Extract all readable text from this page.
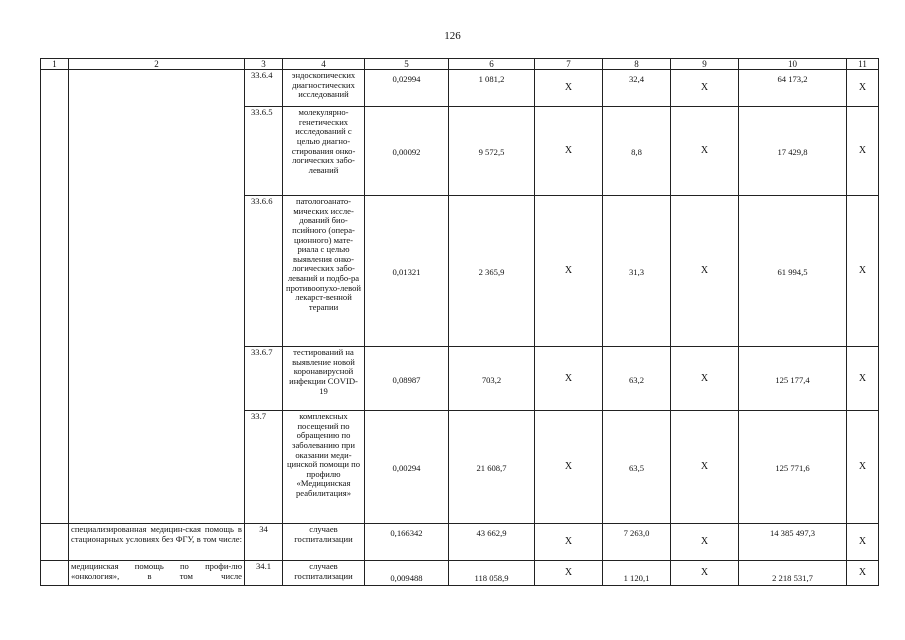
126
1	2	3	4	5	6	7	8	9	10	11
		33.6.4	эндоскопических диагностических исследований	0,02994	1 081,2	Х	32,4	Х	64 173,2	Х
		33.6.5	молекулярно-генетических исследований с целью диагно-стирования онко-логических забо-леваний	0,00092	9 572,5	Х	8,8	Х	17 429,8	Х
		33.6.6	патологоанато-мических иссле-дований био-псийного (опера-ционного) мате-риала с целью выявления онко-логических забо-леваний и подбо-ра противоопухо-левой лекарст-венной терапии	0,01321	2 365,9	Х	31,3	Х	61 994,5	Х
		33.6.7	тестирований на выявление новой коронавирусной инфекции COVID-19	0,08987	703,2	Х	63,2	Х	125 177,4	Х
		33.7	комплексных посещений по обращению по заболеванию при оказании меди-цинской помощи по профилю «Медицинская реабилитация»	0,00294	21 608,7	Х	63,5	Х	125 771,6	Х
	специализированная медицин-ская помощь в стационарных условиях без ФГУ, в том числе:	34	случаев госпитализации	0,166342	43 662,9	Х	7 263,0	Х	14 385 497,3	Х
	медицинская помощь по профи-лю «онкология», в том числе	34.1	случаев госпитализации	0,009488	118 058,9	Х	1 120,1	Х	2 218 531,7	Х
